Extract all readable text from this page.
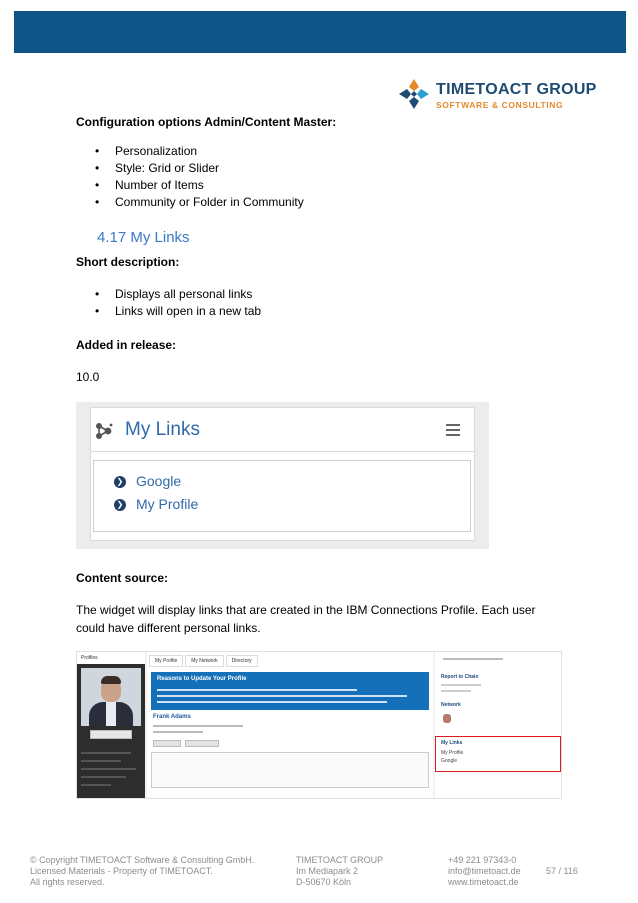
TIMETOACT GROUP
SOFTWARE & CONSULTING
Configuration options Admin/Content Master:
• Personalization
• Style: Grid or Slider
• Number of Items
• Community or Folder in Community
4.17 My Links
Short description:
• Displays all personal links
• Links will open in a new tab
Added in release:
10.0
My Links
❯ Google
❯ My Profile
Content source:
The widget will display links that are created in the IBM Connections Profile. Each user could have different personal links.
Profiles	My Profile	My Network	Directory
Reasons to Update Your Profile
Frank Adams
Report to Chain
Network
My Links
My Profile
Google
© Copyright TIMETOACT Software & Consulting GmbH.
Licensed Materials - Property of TIMETOACT.
All rights reserved.
TIMETOACT GROUP
Im Mediapark 2
D-50670 Köln
+49 221 97343-0
info@timetoact.de
www.timetoact.de
57 / 116
